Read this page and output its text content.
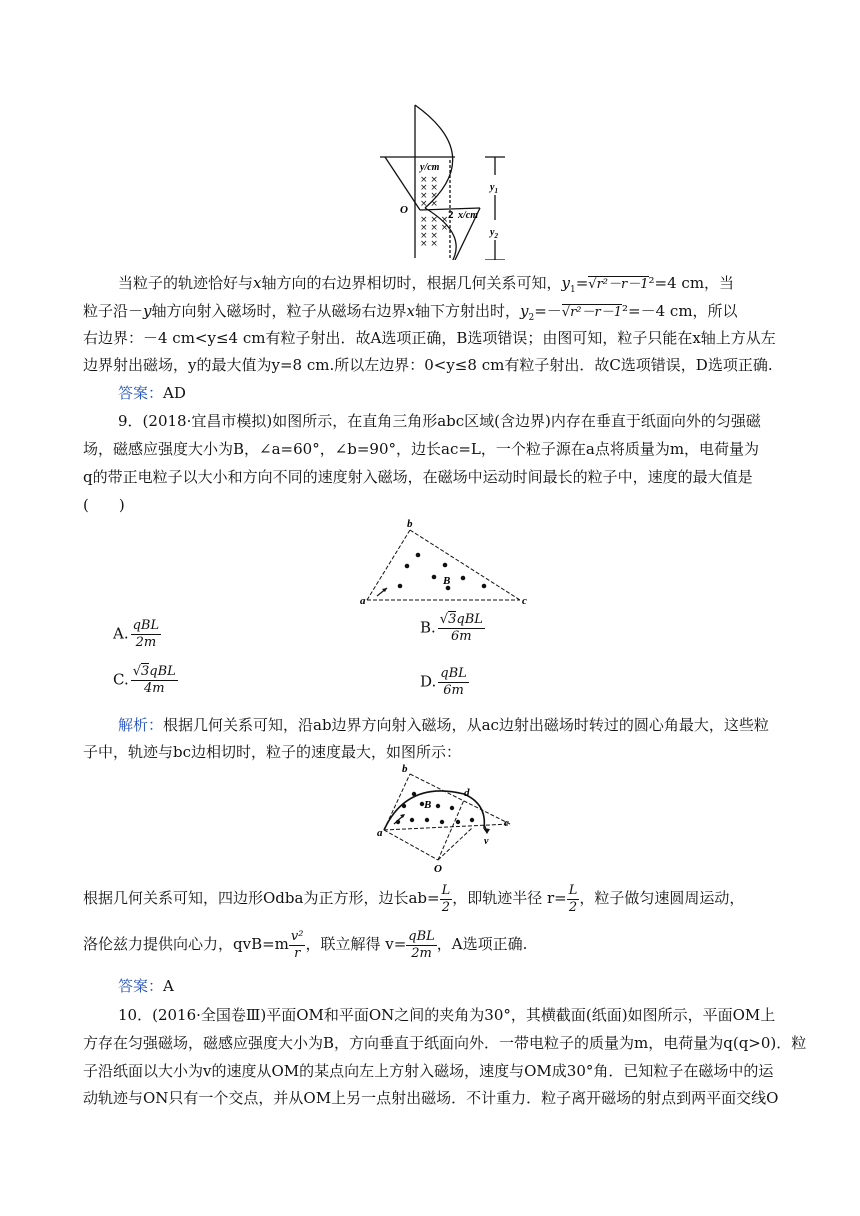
y/cm
x/cm
O	2
$y_1$
$y_2$
× ×
× ×
× ×
× ×
× × ×
× × ×
× ×
× ×
当粒子的轨迹恰好与x轴方向的右边界相切时，根据几何关系可知，$y_1=√r^2-r-1^2=4$ cm，当
粒子沿－y轴方向射入磁场时，粒子从磁场右边界x轴下方射出时，$y_2=-√r^2-r-1^2=-4$ cm，所以
右边界：－4 cm<y≤4 cm有粒子射出．故A选项正确，B选项错误；由图可知，粒子只能在x轴上方从左
边界射出磁场，y的最大值为y=8 cm.所以左边界：0<y≤8 cm有粒子射出．故C选项错误，D选项正确.
答案：AD
9．(2018·宜昌市模拟)如图所示，在直角三角形abc区域(含边界)内存在垂直于纸面向外的匀强磁
场，磁感应强度大小为B，∠a=60°，∠b=90°，边长ac=L，一个粒子源在a点将质量为m，电荷量为
q的带正电粒子以大小和方向不同的速度射入磁场，在磁场中运动时间最长的粒子中，速度的最大值是
(　　)
a
b
c
B
A. $\frac{\text{qBL}}{2m}$	B. $\frac{\text{√3qBL}}{6m}$
C. $\frac{\text{√3qBL}}{4m}$	D. $\frac{\text{qBL}}{6m}$
解析：根据几何关系可知，沿ab边界方向射入磁场，从ac边射出磁场时转过的圆心角最大，这些粒
子中，轨迹与bc边相切时，粒子的速度最大，如图所示：
a
b
c
d
B
O
v
根据几何关系可知，四边形Odba为正方形，边长$ab= \frac{L}{2}$ ，即轨迹半径 $r= \frac{L}{2}$ ，粒子做匀速圆周运动，
洛伦兹力提供向心力，$qvB=m \frac{\text{v²}}{r}$ ，联立解得 $v= \frac{\text{qBL}}{2m}$ ，A选项正确.
答案：A
10．(2016·全国卷Ⅲ)平面OM和平面ON之间的夹角为30°，其横截面(纸面)如图所示，平面OM上
方存在匀强磁场，磁感应强度大小为B，方向垂直于纸面向外．一带电粒子的质量为m，电荷量为q(q>0)．粒
子沿纸面以大小为v的速度从OM的某点向左上方射入磁场，速度与OM成30°角．已知粒子在磁场中的运
动轨迹与ON只有一个交点，并从OM上另一点射出磁场．不计重力．粒子离开磁场的射点到两平面交线O
